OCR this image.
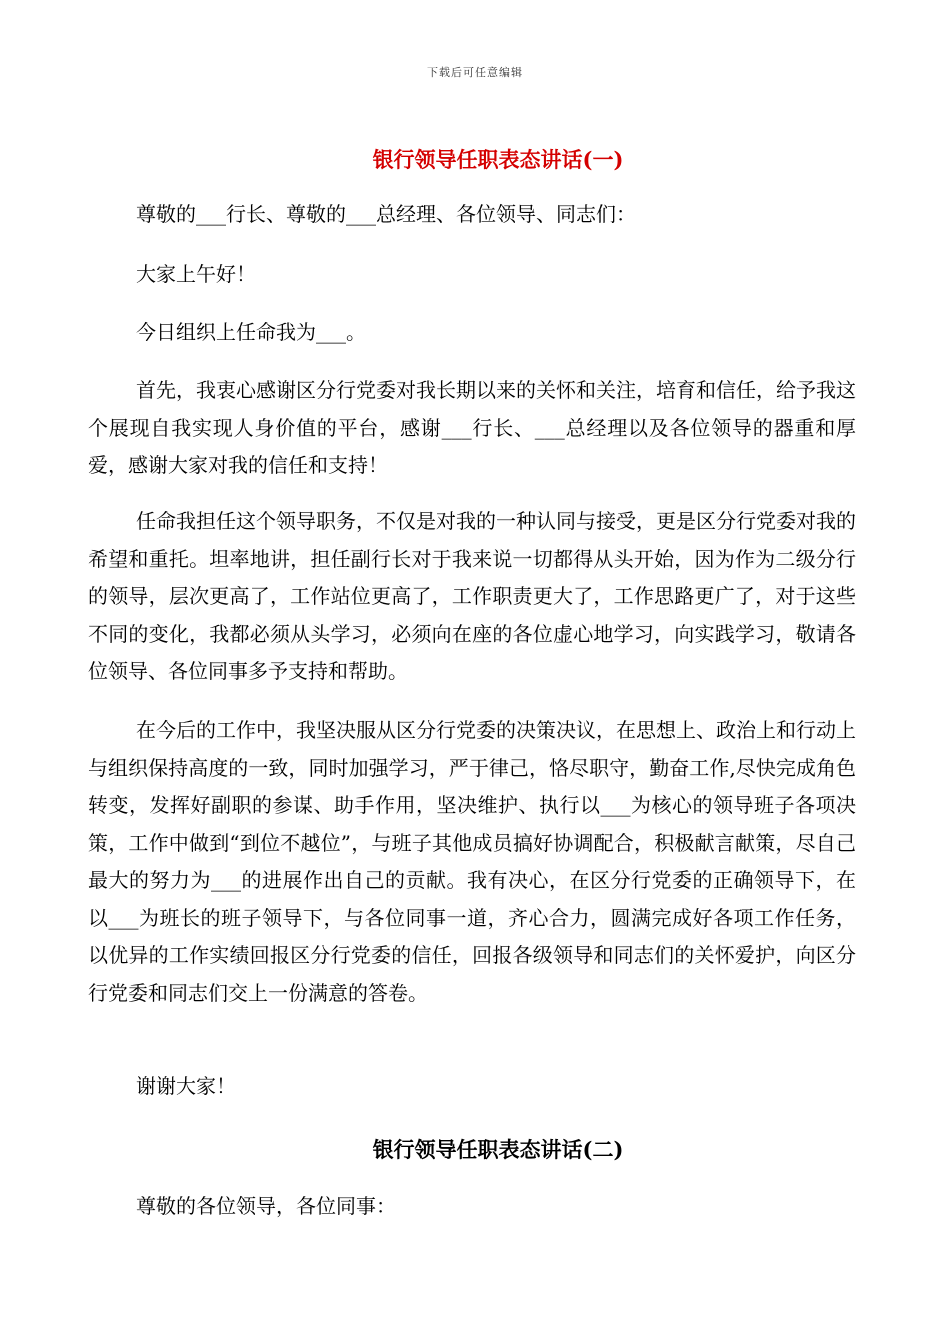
下载后可任意编辑
银行领导任职表态讲话(一)

尊敬的___行长、尊敬的___总经理、各位领导、同志们：

大家上午好！

今日组织上任命我为___。

首先，我衷心感谢区分行党委对我长期以来的关怀和关注，培育和信任，给予我这个展现自我实现人身价值的平台，感谢___行长、___总经理以及各位领导的器重和厚爱，感谢大家对我的信任和支持！

任命我担任这个领导职务，不仅是对我的一种认同与接受，更是区分行党委对我的希望和重托。坦率地讲，担任副行长对于我来说一切都得从头开始，因为作为二级分行的领导，层次更高了，工作站位更高了，工作职责更大了，工作思路更广了，对于这些不同的变化，我都必须从头学习，必须向在座的各位虚心地学习，向实践学习，敬请各位领导、各位同事多予支持和帮助。

在今后的工作中，我坚决服从区分行党委的决策决议，在思想上、政治上和行动上与组织保持高度的一致，同时加强学习，严于律己，恪尽职守，勤奋工作,尽快完成角色转变，发挥好副职的参谋、助手作用，坚决维护、执行以___为核心的领导班子各项决策，工作中做到“到位不越位”，与班子其他成员搞好协调配合，积极献言献策，尽自己最大的努力为___的进展作出自己的贡献。我有决心，在区分行党委的正确领导下，在以___为班长的班子领导下，与各位同事一道，齐心合力，圆满完成好各项工作任务，以优异的工作实绩回报区分行党委的信任，回报各级领导和同志们的关怀爱护，向区分行党委和同志们交上一份满意的答卷。

谢谢大家！

银行领导任职表态讲话(二)

尊敬的各位领导，各位同事：
